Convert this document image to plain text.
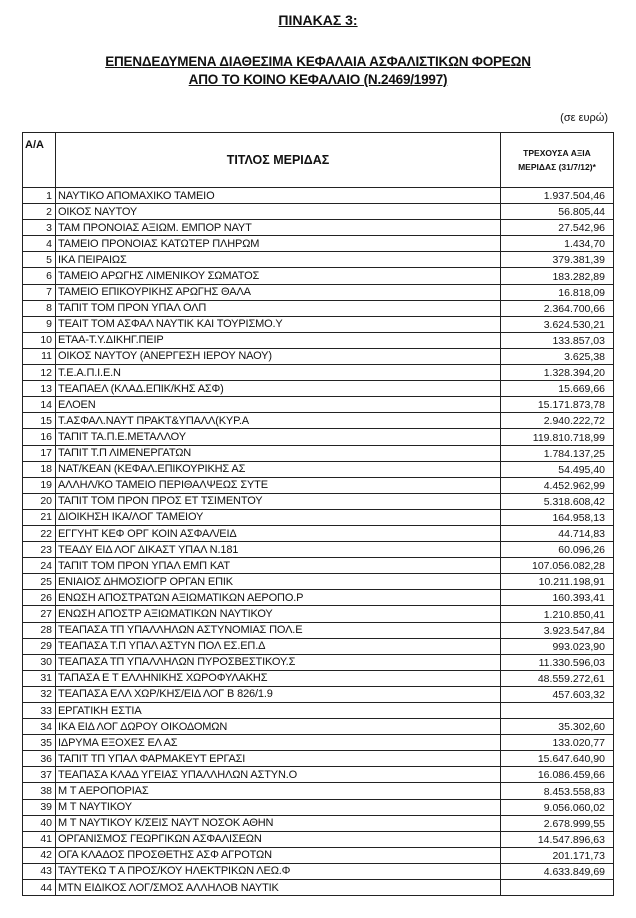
ΠΙΝΑΚΑΣ 3:
ΕΠΕΝΔΕΔΥΜΕΝΑ ΔΙΑΘΕΣΙΜΑ ΚΕΦΑΛΑΙΑ ΑΣΦΑΛΙΣΤΙΚΩΝ ΦΟΡΕΩΝ
ΑΠΟ ΤΟ ΚΟΙΝΟ ΚΕΦΑΛΑΙΟ (Ν.2469/1997)
(σε ευρώ)
Α/Α	ΤΙΤΛΟΣ ΜΕΡΙΔΑΣ	ΤΡΕΧΟΥΣΑ ΑΞΙΑ
ΜΕΡΙΔΑΣ (31/7/12)*
1	ΝΑΥΤΙΚΟ ΑΠΟΜΑΧΙΚΟ ΤΑΜΕΙΟ	1.937.504,46
2	ΟΙΚΟΣ ΝΑΥΤΟΥ	56.805,44
3	ΤΑΜ ΠΡΟΝΟΙΑΣ ΑΞΙΩΜ. ΕΜΠΟΡ ΝΑΥΤ	27.542,96
4	ΤΑΜΕΙΟ ΠΡΟΝΟΙΑΣ ΚΑΤΩΤΕΡ ΠΛΗΡΩΜ	1.434,70
5	ΙΚΑ ΠΕΙΡΑΙΩΣ	379.381,39
6	ΤΑΜΕΙΟ ΑΡΩΓΗΣ ΛΙΜΕΝΙΚΟΥ ΣΩΜΑΤΟΣ	183.282,89
7	ΤΑΜΕΙΟ ΕΠΙΚΟΥΡΙΚΗΣ ΑΡΩΓΗΣ ΘΑΛΑ	16.818,09
8	ΤΑΠΙΤ ΤΟΜ ΠΡΟΝ ΥΠΑΛ ΟΛΠ	2.364.700,66
9	ΤΕΑΙΤ ΤΟΜ ΑΣΦΑΛ ΝΑΥΤΙΚ ΚΑΙ ΤΟΥΡΙΣΜΟ.Υ	3.624.530,21
10	ΕΤΑΑ-Τ.Υ.ΔΙΚΗΓ.ΠΕΙΡ	133.857,03
11	ΟΙΚΟΣ ΝΑΥΤΟΥ (ΑΝΕΡΓΕΣΗ ΙΕΡΟΥ ΝΑΟΥ)	3.625,38
12	Τ.Ε.Α.Π.Ι.Ε.Ν	1.328.394,20
13	ΤΕΑΠΑΕΛ (ΚΛΑΔ.ΕΠΙΚ/ΚΗΣ ΑΣΦ)	15.669,66
14	ΕΛΟΕΝ	15.171.873,78
15	Τ.ΑΣΦΑΛ.ΝΑΥΤ ΠΡΑΚΤ&ΥΠΑΛΛ(ΚΥΡ.Α	2.940.222,72
16	ΤΑΠΙΤ ΤΑ.Π.Ε.ΜΕΤΑΛΛΟΥ	119.810.718,99
17	ΤΑΠΙΤ Τ.Π ΛΙΜΕΝΕΡΓΑΤΩΝ	1.784.137,25
18	ΝΑΤ/ΚΕΑΝ (ΚΕΦΑΛ.ΕΠΙΚΟΥΡΙΚΗΣ ΑΣ	54.495,40
19	ΑΛΛΗΛ/ΚΟ ΤΑΜΕΙΟ ΠΕΡΙΘΑΛΨΕΩΣ ΣΥΤΕ	4.452.962,99
20	ΤΑΠΙΤ ΤΟΜ ΠΡΟΝ ΠΡΟΣ ΕΤ ΤΣΙΜΕΝΤΟΥ	5.318.608,42
21	ΔΙΟΙΚΗΣΗ ΙΚΑ/ΛΟΓ ΤΑΜΕΙΟΥ	164.958,13
22	ΕΓΓΥΗΤ ΚΕΦ ΟΡΓ ΚΟΙΝ ΑΣΦΑΛ/ΕΙΔ	44.714,83
23	ΤΕΑΔΥ ΕΙΔ ΛΟΓ ΔΙΚΑΣΤ ΥΠΑΛ Ν.181	60.096,26
24	ΤΑΠΙΤ ΤΟΜ ΠΡΟΝ ΥΠΑΛ ΕΜΠ ΚΑΤ	107.056.082,28
25	ΕΝΙΑΙΟΣ ΔΗΜΟΣΙΟΓΡ ΟΡΓΑΝ ΕΠΙΚ	10.211.198,91
26	ΕΝΩΣΗ ΑΠΟΣΤΡΑΤΩΝ ΑΞΙΩΜΑΤΙΚΩΝ ΑΕΡΟΠΟ.Ρ	160.393,41
27	ΕΝΩΣΗ ΑΠΟΣΤΡ ΑΞΙΩΜΑΤΙΚΩΝ ΝΑΥΤΙΚΟΥ	1.210.850,41
28	ΤΕΑΠΑΣΑ ΤΠ ΥΠΑΛΛΗΛΩΝ ΑΣΤΥΝΟΜΙΑΣ ΠΟΛ.Ε	3.923.547,84
29	ΤΕΑΠΑΣΑ Τ.Π ΥΠΑΛ ΑΣΤΥΝ ΠΟΛ ΕΣ.ΕΠ.Δ	993.023,90
30	ΤΕΑΠΑΣΑ ΤΠ ΥΠΑΛΛΗΛΩΝ ΠΥΡΟΣΒΕΣΤΙΚΟΥ.Σ	11.330.596,03
31	ΤΑΠΑΣΑ Ε Τ ΕΛΛΗΝΙΚΗΣ ΧΩΡΟΦΥΛΑΚΗΣ	48.559.272,61
32	ΤΕΑΠΑΣΑ ΕΛΛ ΧΩΡ/ΚΗΣ/ΕΙΔ ΛΟΓ Β 826/1.9	457.603,32
33	ΕΡΓΑΤΙΚΗ ΕΣΤΙΑ	
34	ΙΚΑ ΕΙΔ ΛΟΓ ΔΩΡΟΥ ΟΙΚΟΔΟΜΩΝ	35.302,60
35	ΙΔΡΥΜΑ ΕΞΟΧΕΣ ΕΛ ΑΣ	133.020,77
36	ΤΑΠΙΤ ΤΠ ΥΠΑΛ ΦΑΡΜΑΚΕΥΤ ΕΡΓΑΣΙ	15.647.640,90
37	ΤΕΑΠΑΣΑ ΚΛΑΔ ΥΓΕΙΑΣ ΥΠΑΛΛΗΛΩΝ ΑΣΤΥΝ.Ο	16.086.459,66
38	Μ Τ ΑΕΡΟΠΟΡΙΑΣ	8.453.558,83
39	Μ Τ ΝΑΥΤΙΚΟΥ	9.056.060,02
40	Μ Τ ΝΑΥΤΙΚΟΥ Κ/ΣΕΙΣ ΝΑΥΤ ΝΟΣΟΚ ΑΘΗΝ	2.678.999,55
41	ΟΡΓΑΝΙΣΜΟΣ ΓΕΩΡΓΙΚΩΝ ΑΣΦΑΛΙΣΕΩΝ	14.547.896,63
42	ΟΓΑ ΚΛΑΔΟΣ ΠΡΟΣΘΕΤΗΣ ΑΣΦ ΑΓΡΟΤΩΝ	201.171,73
43	ΤΑΥΤΕΚΩ Τ Α ΠΡΟΣ/ΚΟΥ ΗΛΕΚΤΡΙΚΩΝ ΛΕΩ.Φ	4.633.849,69
44	ΜΤΝ ΕΙΔΙΚΟΣ ΛΟΓ/ΣΜΟΣ ΑΛΛΗΛΟΒ ΝΑΥΤΙΚ	
